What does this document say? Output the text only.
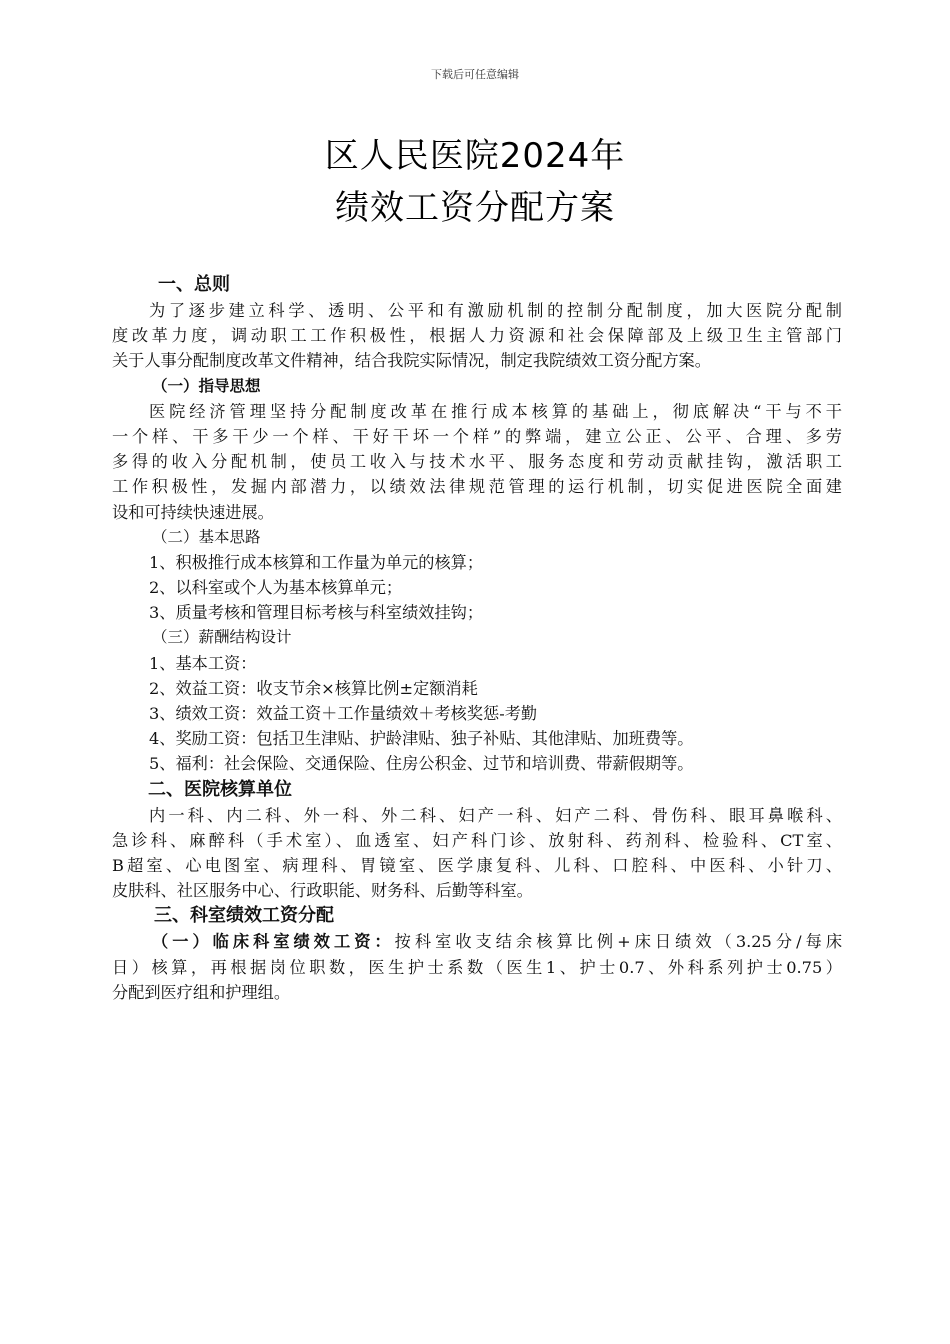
下载后可任意编辑
区人民医院2024年
绩效工资分配方案
一、总则
为了逐步建立科学、透明、公平和有激励机制的控制分配制度，加大医院分配制
度改革力度，调动职工工作积极性，根据人力资源和社会保障部及上级卫生主管部门
关于人事分配制度改革文件精神，结合我院实际情况，制定我院绩效工资分配方案。
（一）指导思想
医院经济管理坚持分配制度改革在推行成本核算的基础上，彻底解决“干与不干
一个样、干多干少一个样、干好干坏一个样”的弊端，建立公正、公平、合理、多劳
多得的收入分配机制，使员工收入与技术水平、服务态度和劳动贡献挂钩，激活职工
工作积极性，发掘内部潜力，以绩效法律规范管理的运行机制，切实促进医院全面建
设和可持续快速进展。
（二）基本思路
1、积极推行成本核算和工作量为单元的核算；
2、以科室或个人为基本核算单元；
3、质量考核和管理目标考核与科室绩效挂钩；
（三）薪酬结构设计
1、基本工资：
2、效益工资：收支节余×核算比例±定额消耗
3、绩效工资：效益工资＋工作量绩效＋考核奖惩-考勤
4、奖励工资：包括卫生津贴、护龄津贴、独子补贴、其他津贴、加班费等。
5、福利：社会保险、交通保险、住房公积金、过节和培训费、带薪假期等。
二、医院核算单位
内一科、内二科、外一科、外二科、妇产一科、妇产二科、骨伤科、眼耳鼻喉科、
急诊科、麻醉科（手术室）、血透室、妇产科门诊、放射科、药剂科、检验科、CT室、
B超室、心电图室、病理科、胃镜室、医学康复科、儿科、口腔科、中医科、小针刀、
皮肤科、社区服务中心、行政职能、财务科、后勤等科室。
三、科室绩效工资分配
（一）临床科室绩效工资：按科室收支结余核算比例+床日绩效（3.25分/每床
日）核算，再根据岗位职数，医生护士系数（医生1、护士0.7、外科系列护士0.75）
分配到医疗组和护理组。
